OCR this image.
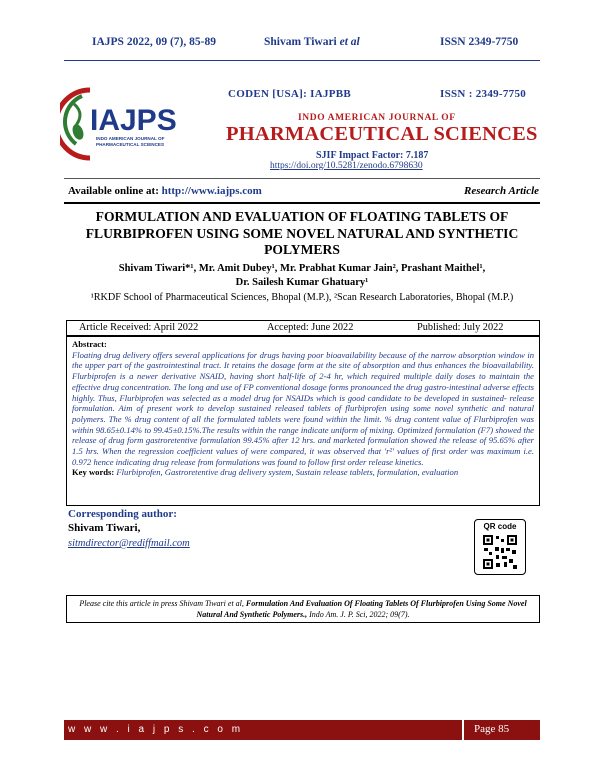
IAJPS 2022, 09 (7), 85-89	Shivam Tiwari et al	ISSN 2349-7750
IAJPS
INDO AMERICAN JOURNAL OF
PHARMACEUTICAL SCIENCES
CODEN [USA]: IAJPBB	ISSN : 2349-7750
INDO AMERICAN JOURNAL OF
PHARMACEUTICAL SCIENCES
SJIF Impact Factor: 7.187
https://doi.org/10.5281/zenodo.6798630
Available online at: http://www.iajps.com	Research Article
FORMULATION AND EVALUATION OF FLOATING TABLETS OF FLURBIPROFEN USING SOME NOVEL NATURAL AND SYNTHETIC POLYMERS
Shivam Tiwari*¹, Mr. Amit Dubey¹, Mr. Prabhat Kumar Jain², Prashant Maithel¹,
Dr. Sailesh Kumar Ghatuary¹
¹RKDF School of Pharmaceutical Sciences, Bhopal (M.P.), ²Scan Research Laboratories, Bhopal (M.P.)
Article Received: April 2022	Accepted: June 2022	Published: July 2022
Abstract:
Floating drug delivery offers several applications for drugs having poor bioavailability because of the narrow absorption window in the upper part of the gastrointestinal tract. It retains the dosage form at the site of absorption and thus enhances the bioavailability. Flurbiprofen is a newer derivative NSAID, having short half-life of 2-4 hr, which required multiple daily doses to maintain the effective drug concentration. The long and use of FP conventional dosage forms pronounced the drug gastro-intestinal adverse effects highly. Thus, Flurbiprofen was selected as a model drug for NSAIDs which is good candidate to be developed in sustained- release formulation. Aim of present work to develop sustained released tablets of flurbiprofen using some novel synthetic and natural polymers. The % drug content of all the formulated tablets were found within the limit. % drug content value of Flurbiprofen was within 98.65±0.14% to 99.45±0.15%.The results within the range indicate uniform of mixing. Optimized formulation (F7) showed the release of drug form gastroretentive formulation 99.45% after 12 hrs. and marketed formulation showed the release of 95.65% after 1.5 hrs. When the regression coefficient values of were compared, it was observed that 'r²' values of first order was maximum i.e. 0.972 hence indicating drug release from formulations was found to follow first order release kinetics.
Key words: Flurbiprofen, Gastroretentive drug delivery system, Sustain release tablets, formulation, evaluation
Corresponding author:
Shivam Tiwari,
sitmdirector@rediffmail.com
QR code
Please cite this article in press Shivam Tiwari et al, Formulation And Evaluation Of Floating Tablets Of Flurbiprofen Using Some Novel Natural And Synthetic Polymers., Indo Am. J. P. Sci, 2022; 09(7).
w w w . i a j p s . c o m	Page 85
